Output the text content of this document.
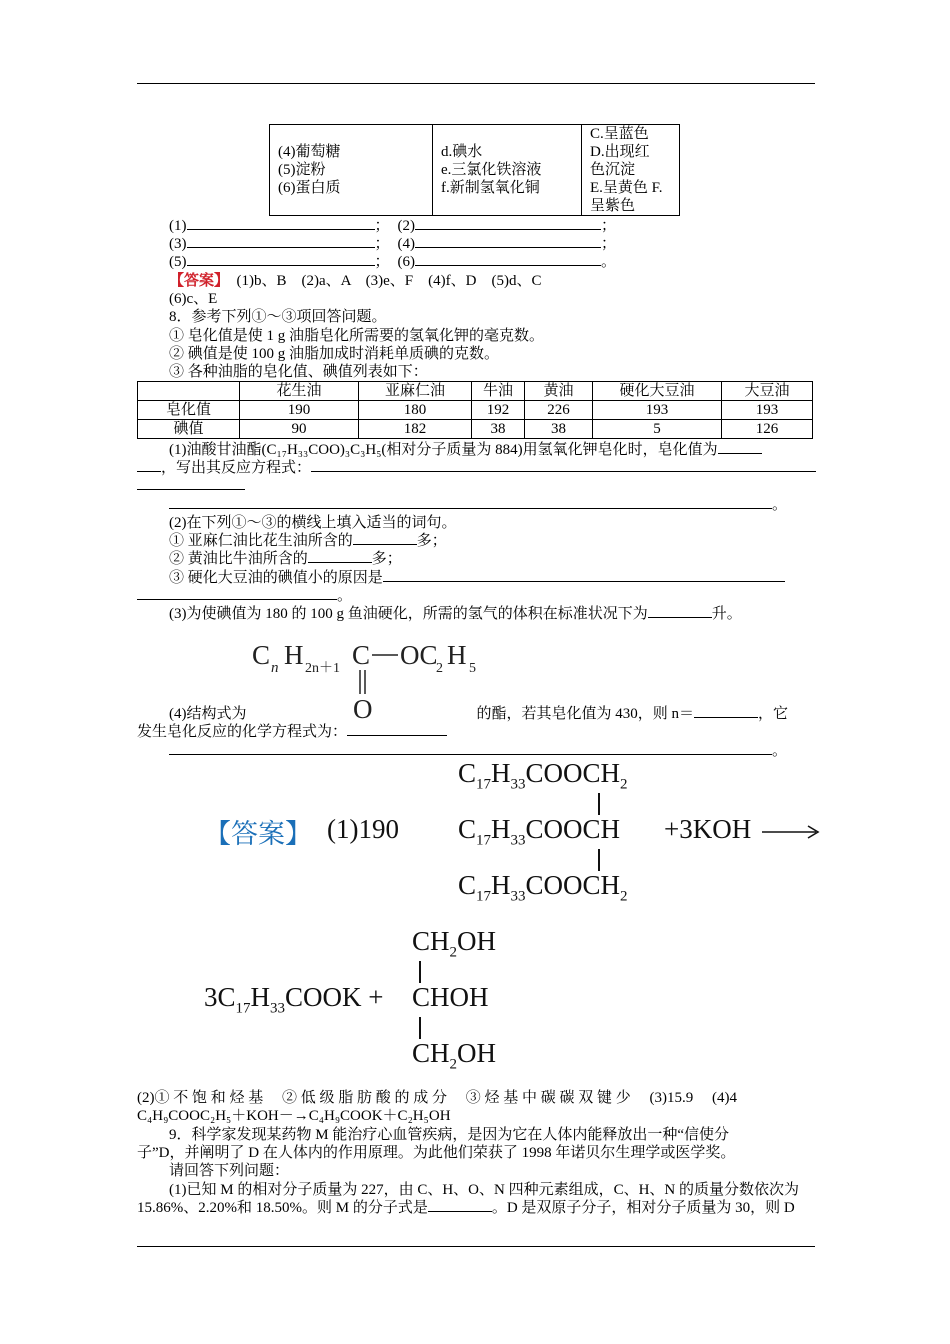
(4)葡萄糖
(5)淀粉
(6)蛋白质

d.碘水
e.三氯化铁溶液
f.新制氢氧化铜

C.呈蓝色
D.出现红
色沉淀
E.呈黄色 F.
呈紫色
(1)	； (2)	；
(3)	； (4)	；
(5)	； (6)	。
【答案】 (1)b、B　(2)a、A　(3)e、F　(4)f、D　(5)d、C
(6)c、E
8．参考下列①～③项回答问题。
① 皂化值是使 1 g 油脂皂化所需要的氢氧化钾的毫克数。
② 碘值是使 100 g 油脂加成时消耗单质碘的克数。
③ 各种油脂的皂化值、碘值列表如下：
	花生油	亚麻仁油	牛油	黄油	硬化大豆油	大豆油
皂化值	190	180	192	226	193	193
碘值	90	182	38	38	5	126
(1)油酸甘油酯(C₁₇H₃₃COO)₃C₃H₅(相对分子质量为 884)用氢氧化钾皂化时，皂化值为
，写出其反应方程式：
。
(2)在下列①～③的横线上填入适当的词句。
① 亚麻仁油比花生油所含的	多；
② 黄油比牛油所含的	多；
③ 硬化大豆油的碘值小的原因是
。
(3)为使碘值为 180 的 100 g 鱼油硬化，所需的氢气的体积在标准状况下为	升。
C n H 2n＋1 C OC
2 H 5
O
(4)结构式为	的酯，若其皂化值为 430，则 n＝	，它
发生皂化反应的化学方程式为：
。
【答案】 (1)190
$C_{17}H_{33}COOCH_2$
$C_{17}H_{33}COOCH$
$C_{17}H_{33}COOCH_2$
+3KOH
$CH_2OH$
$3C_{17}H_{33}COOK$ + CHOH
$CH_2OH$
(2)① 不 饱 和 烃 基　 ② 低 级 脂 肪 酸 的 成 分　 ③ 烃 基 中 碳 碳 双 键 少　 (3)15.9　 (4)4
C₄H₉COOC₂H₅＋KOH－→C₄H₉COOK＋C₂H₅OH
9．科学家发现某药物 M 能治疗心血管疾病，是因为它在人体内能释放出一种“信使分
子”D，并阐明了 D 在人体内的作用原理。为此他们荣获了 1998 年诺贝尔生理学或医学奖。
请回答下列问题：
(1)已知 M 的相对分子质量为 227，由 C、H、O、N 四种元素组成，C、H、N 的质量分数依次为
15.86%、2.20%和 18.50%。则 M 的分子式是	。D 是双原子分子，相对分子质量为 30，则 D
